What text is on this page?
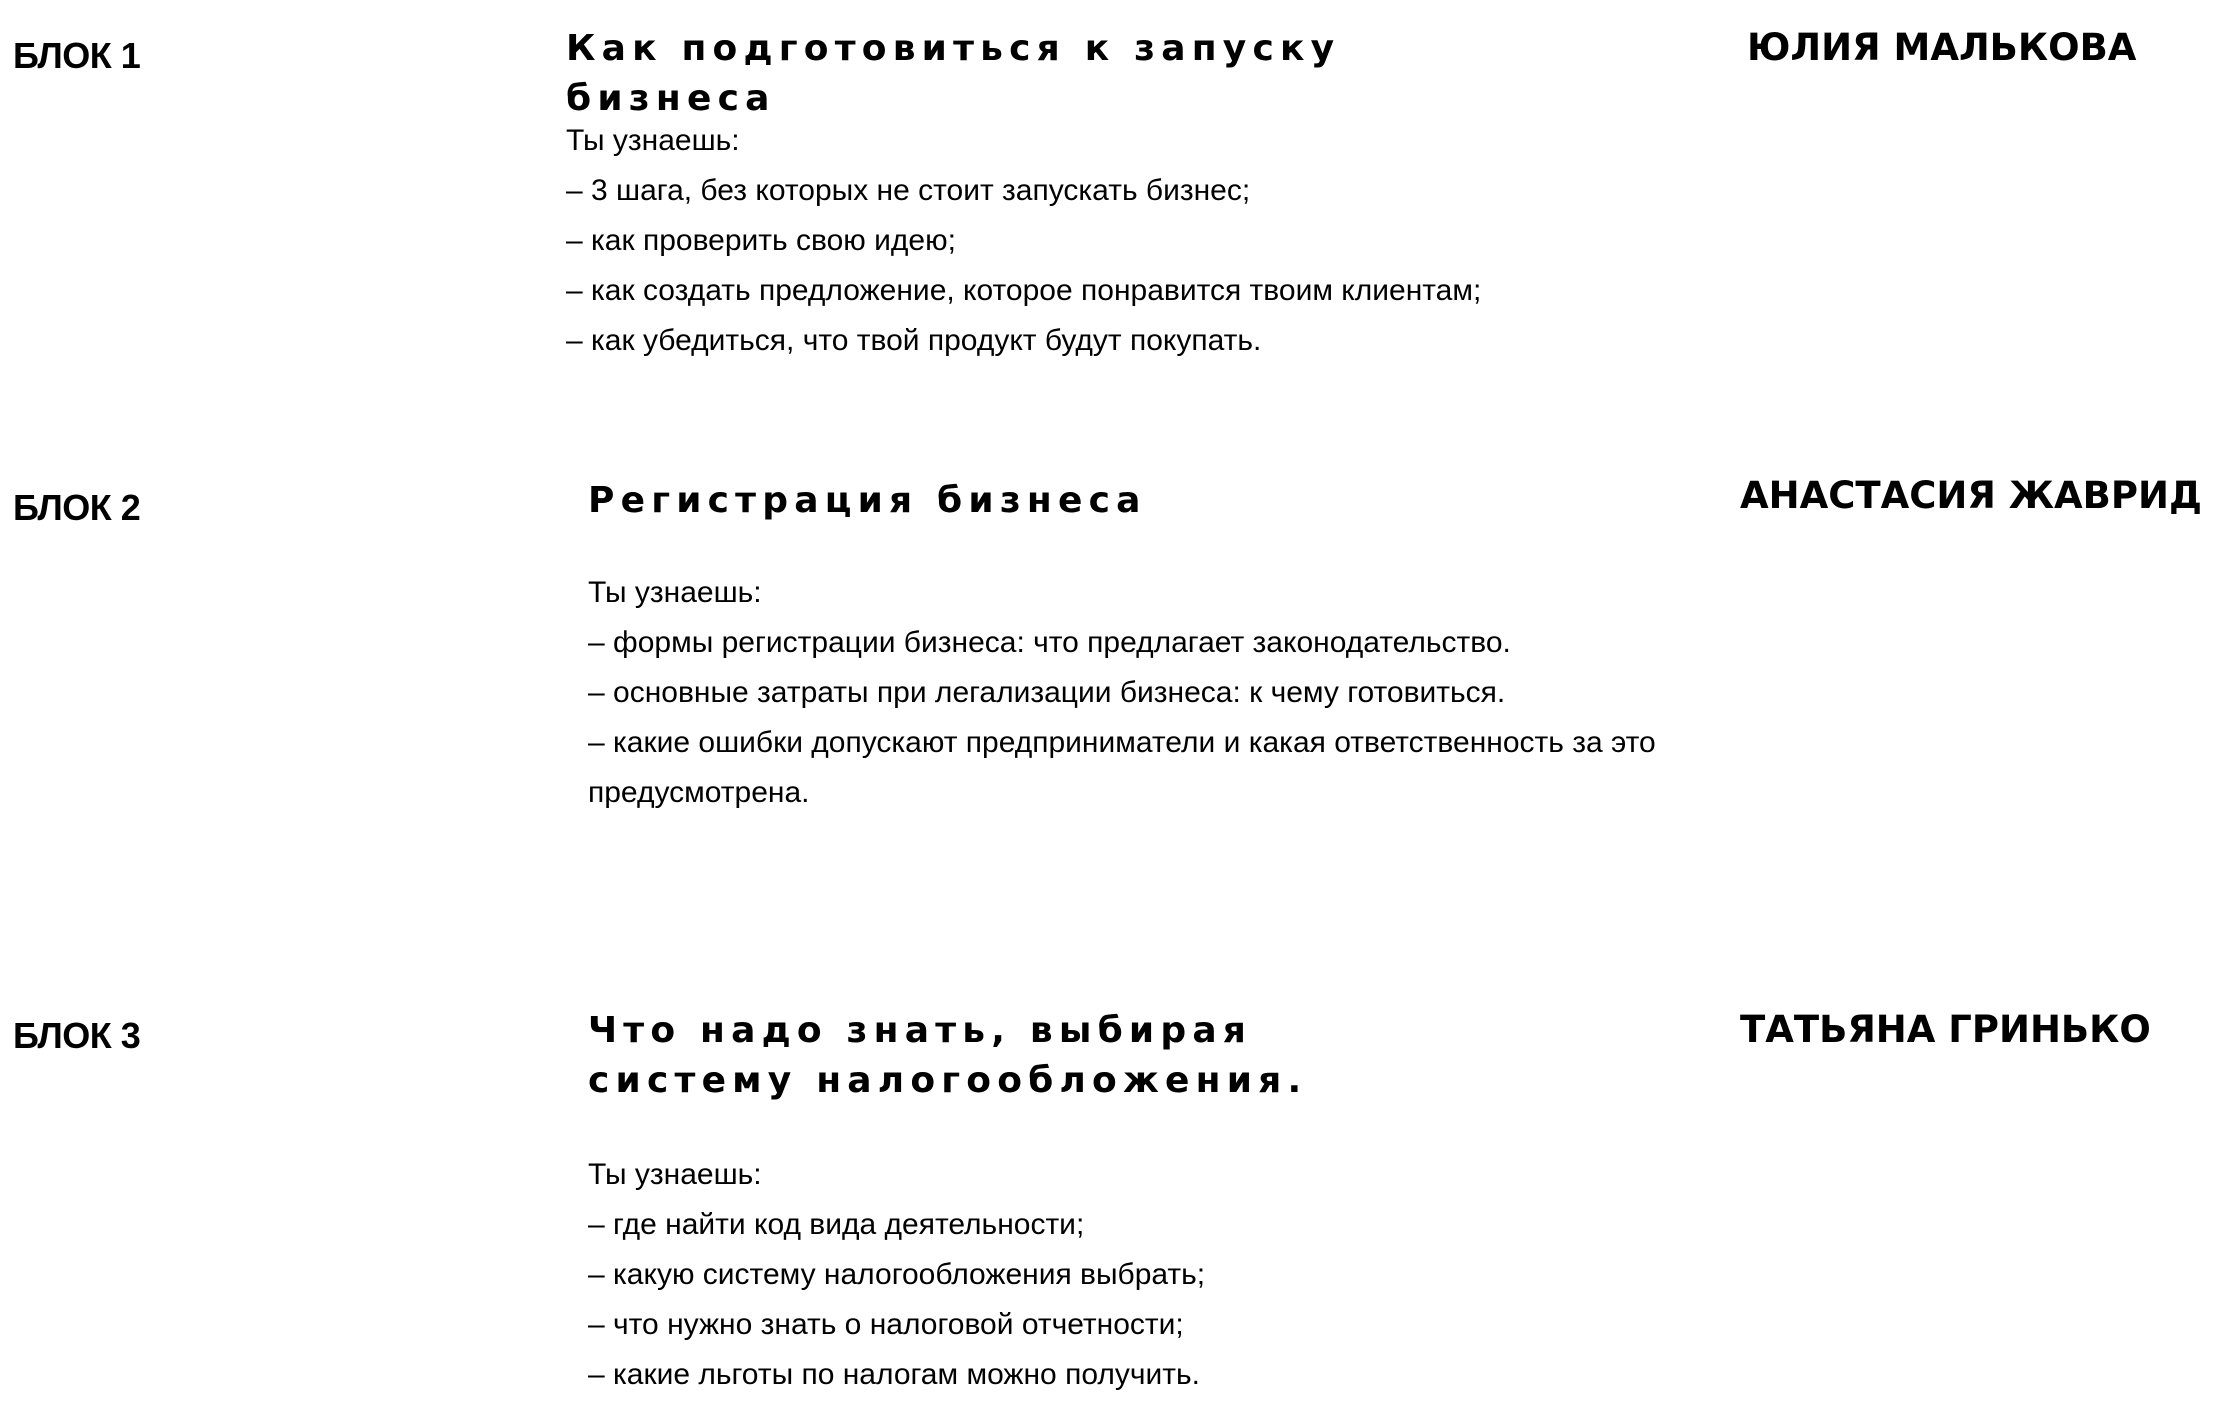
БЛОК 1	Как подготовиться к запуску бизнеса
ЮЛИЯ МАЛЬКОВА

Ты узнаешь:

– 3 шага, без которых не стоит запускать бизнес;
– как проверить свою идею;
– как создать предложение, которое понравится твоим клиентам;
– как убедиться, что твой продукт будут покупать.
БЛОК 2	Регистрация бизнеса	АНАСТАСИЯ ЖАВРИД

Ты узнаешь:

– формы регистрации бизнеса: что предлагает законодательство.
– основные затраты при легализации бизнеса: к чему готовиться.
– какие ошибки допускают предприниматели и какая ответственность за это предусмотрена.
БЛОК 3	Что надо знать, выбирая систему налогообложения.
ТАТЬЯНА ГРИНЬКО

Ты узнаешь:

– где найти код вида деятельности;
– какую систему налогообложения выбрать;
– что нужно знать о налоговой отчетности;
– какие льготы по налогам можно получить.
